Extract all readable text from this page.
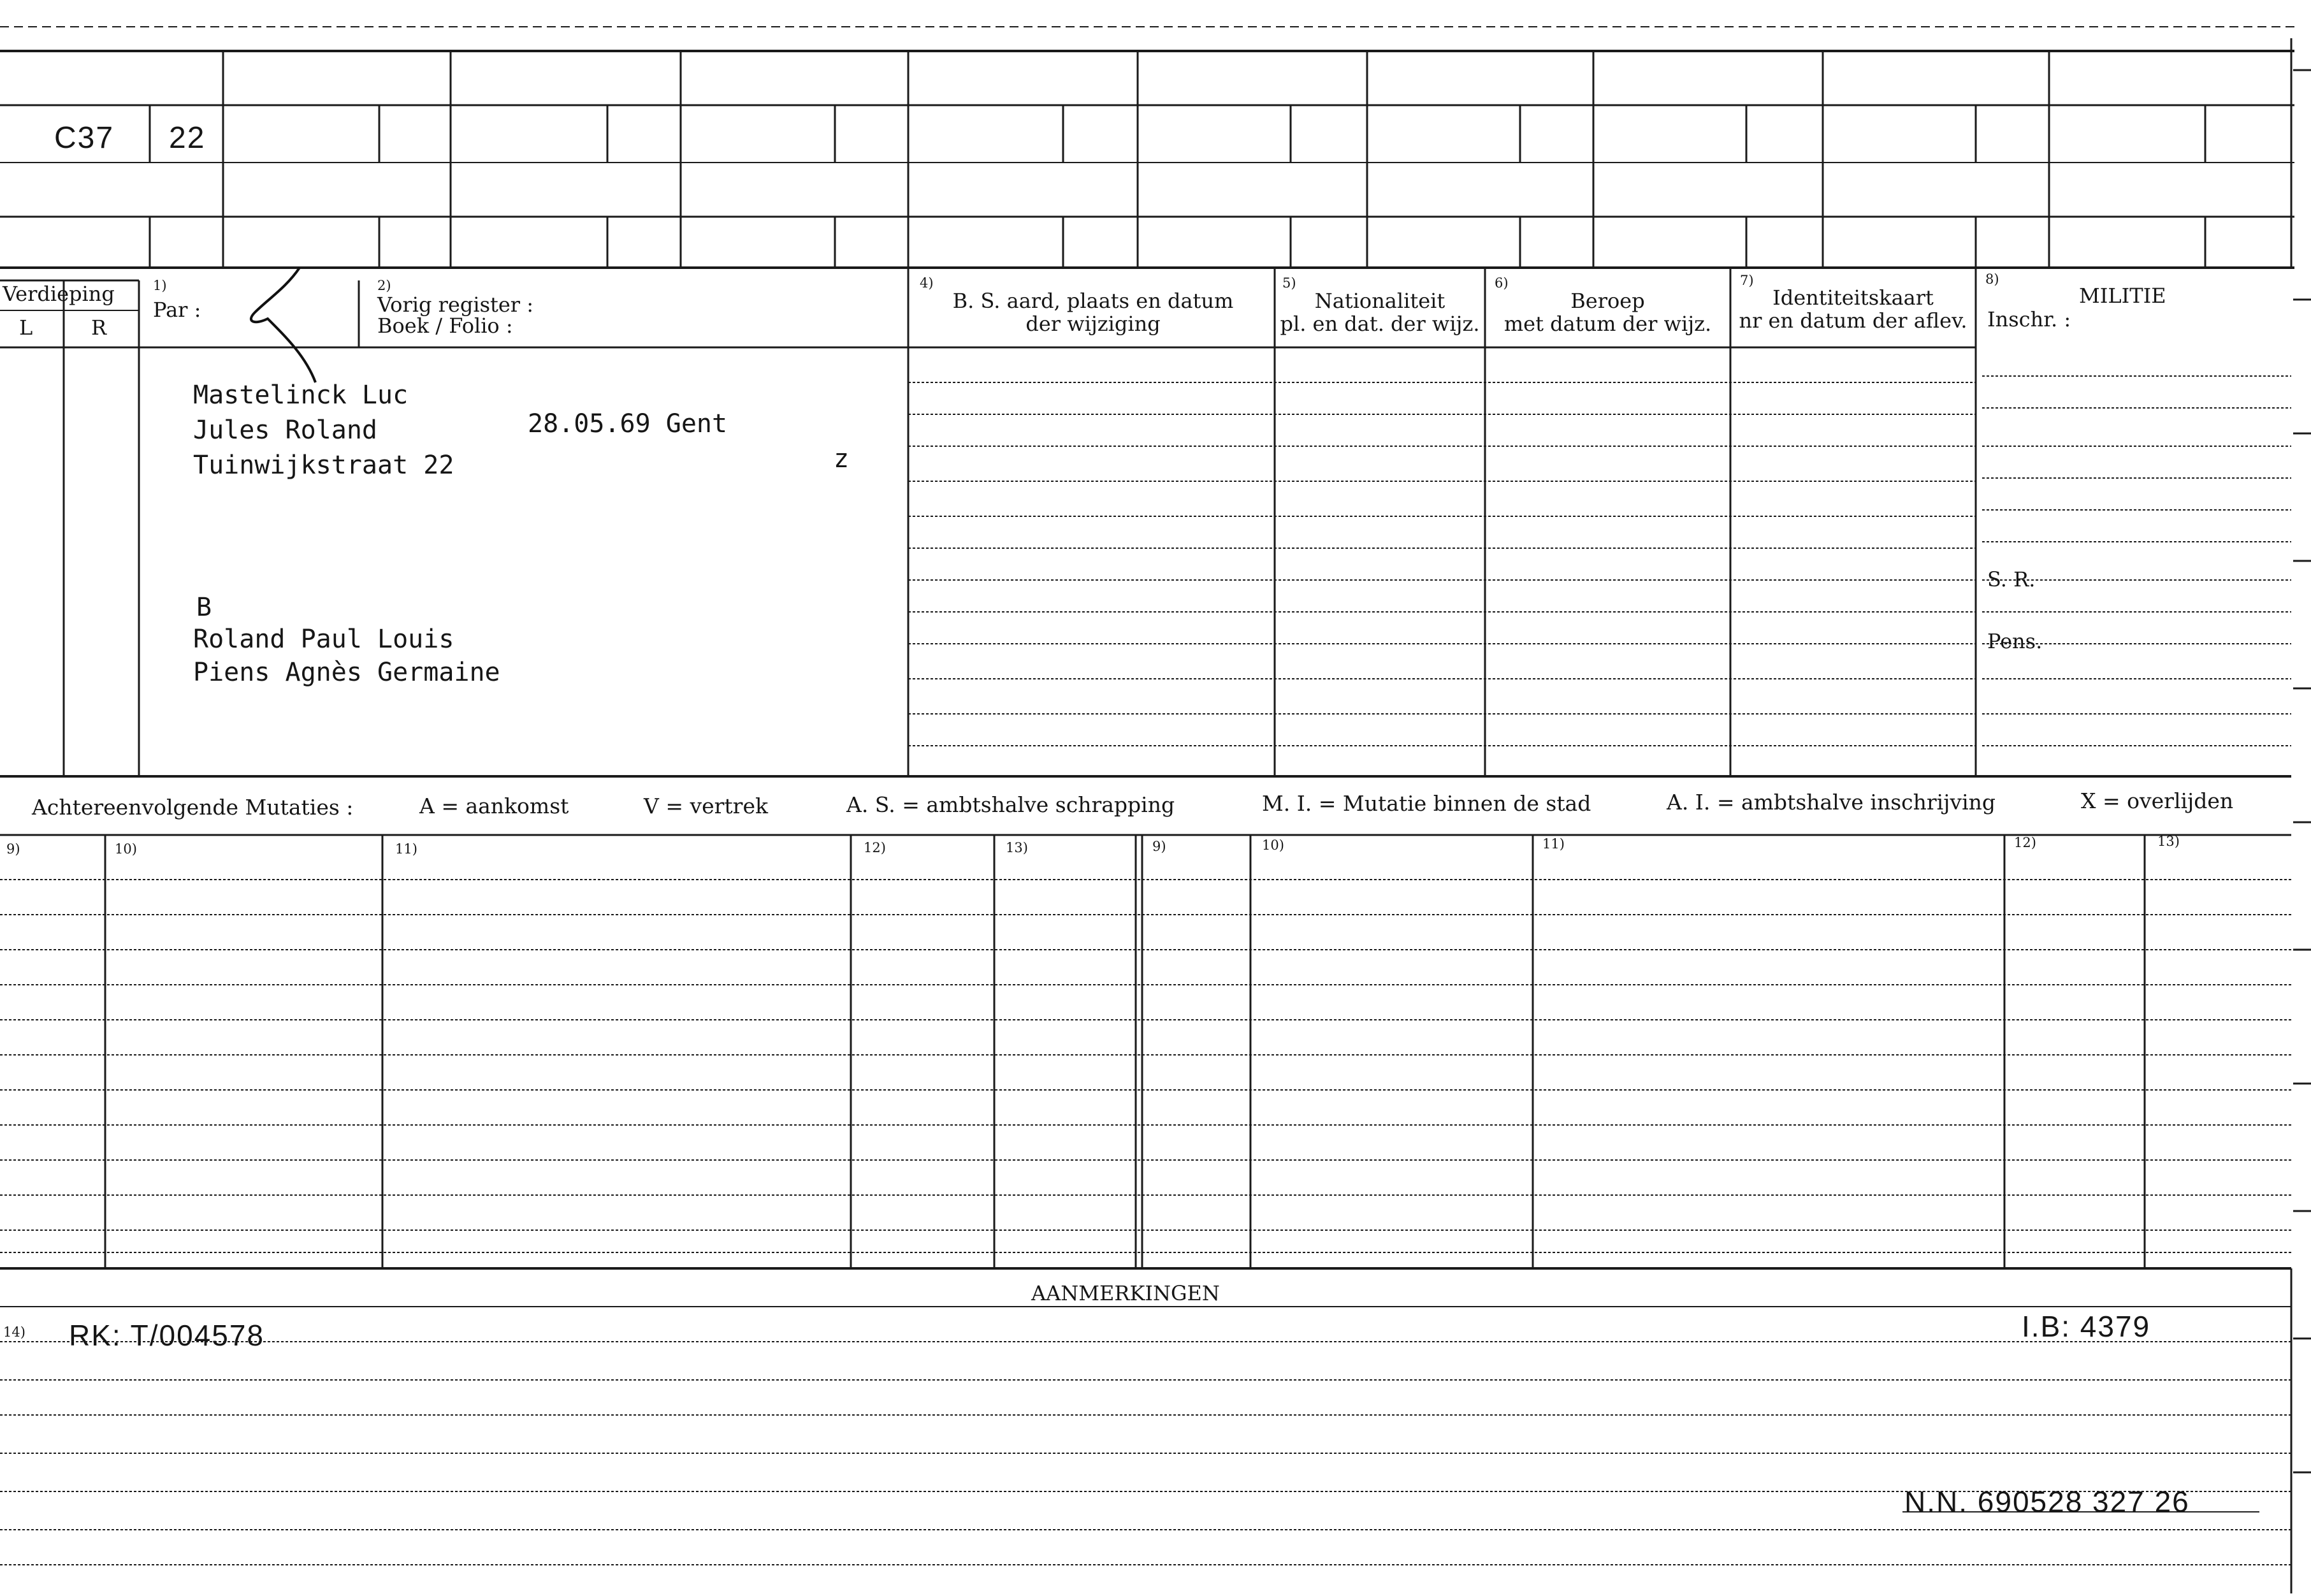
C37 22
Verdieping
L	R
1)
Par :
2)
Vorig register :
Boek / Folio :
4)
B. S. aard, plaats en datum
der wijziging
5)
Nationaliteit
pl. en dat. der wijz.
6)
Beroep
met datum der wijz.
7)
Identiteitskaart
nr en datum der aflev.
8)
MILITIE
Inschr. :
S. R.
Pens.
Mastelinck Luc
Jules Roland	28.05.69 Gent
Tuinwijkstraat 22	z
B
Roland Paul Louis
Piens Agnès Germaine
Achtereenvolgende Mutaties :	A = aankomst	V = vertrek	A. S. = ambtshalve schrapping	M. I. = Mutatie binnen de stad	A. I. = ambtshalve inschrijving	X = overlijden
9)	10)	11)	12)	13)	9)	10)	11)	12)	13)
AANMERKINGEN
14) RK: T/004578	I.B: 4379
N.N. 690528 327 26
